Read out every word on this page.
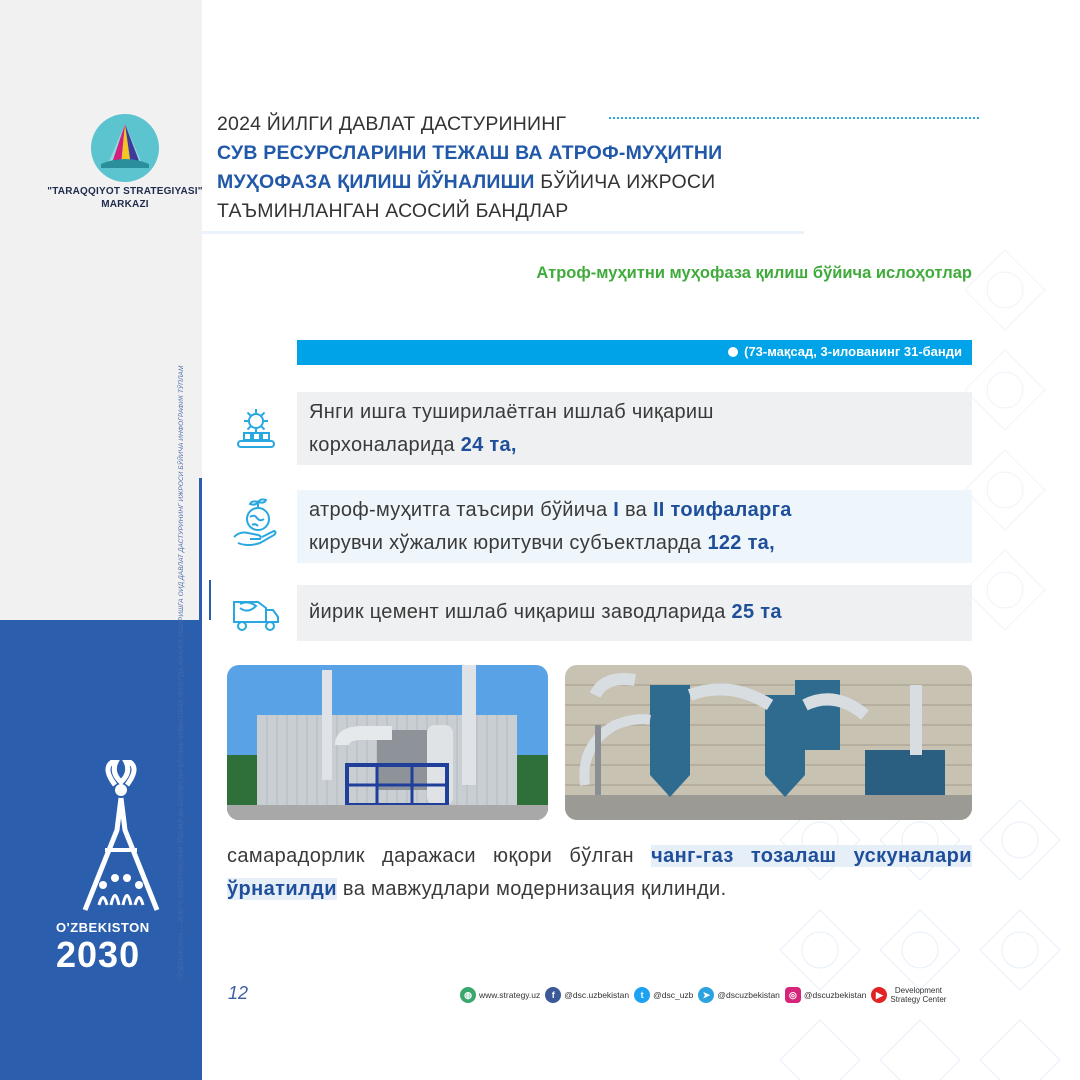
"TARAQQIYOT STRATEGIYASI"
MARKAZI
"ЎЗБЕКИСТОН — 2030" СТРАТЕГИЯСИНИ "ЁШЛАР ВА БИЗНЕСНИ ҚЎЛЛАБ-ҚУВВАТЛАШ ЙИЛИ"ДА АМАЛГА ОШИРИШГА ОИД ДАВЛАТ ДАСТУРИНИНГ ИЖРОСИ БЎЙИЧА ИНФОГРАФИК ТЎПЛАМ
O'ZBEKISTON
2030
2024 ЙИЛГИ ДАВЛАТ ДАСТУРИНИНГ
СУВ РЕСУРСЛАРИНИ ТЕЖАШ ВА АТРОФ-МУҲИТНИ
МУҲОФАЗА ҚИЛИШ ЙЎНАЛИШИ БЎЙИЧА ИЖРОСИ
ТАЪМИНЛАНГАН АСОСИЙ БАНДЛАР
Атроф-муҳитни муҳофаза қилиш бўйича ислоҳотлар
(73-мақсад, 3-илованинг 31-банди
Янги ишга туширилаётган ишлаб чиқариш
корхоналарида 24 та,
атроф-муҳитга таъсири бўйича I ва II тоифаларга
кирувчи хўжалик юритувчи субъектларда 122 та,
йирик цемент ишлаб чиқариш заводларида 25 та
самарадорлик даражаси юқори бўлган чанг-газ тозалаш ускуналари ўрнатилди ва мавжудлари модернизация қилинди.
12	◍ www.strategy.uz	f	@dsc.uzbekistan	t	@dsc_uzb	➤ @dscuzbekistan	◎ @dscuzbekistan	▶	Development
Strategy Center
